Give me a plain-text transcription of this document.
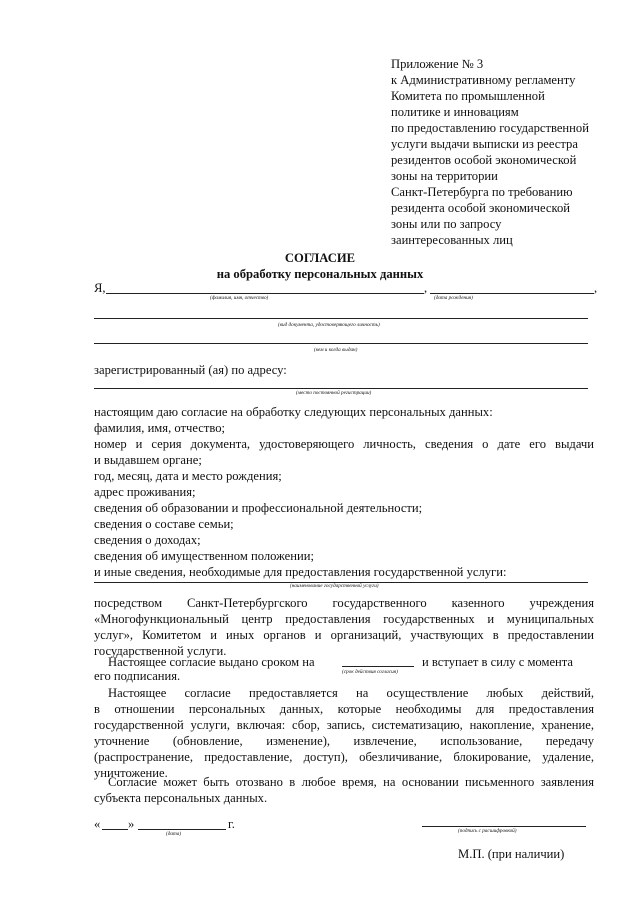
Приложение № 3
к Административному регламенту
Комитета по промышленной
политике и инновациям
по предоставлению государственной
услуги выдачи выписки из реестра
резидентов особой экономической
зоны на территории
Санкт-Петербурга по требованию
резидента особой экономической
зоны или по запросу
заинтересованных лиц
СОГЛАСИЕ
на обработку персональных данных
Я,	,	,
(фамилия, имя, отчество)	(дата рождения)
(вид документа, удостоверяющего личность)
(кем и когда выдан)
зарегистрированный (ая) по адресу:
(место постоянной регистрации)
настоящим даю согласие на обработку следующих персональных данных:
фамилия, имя, отчество;
номер и серия документа, удостоверяющего личность, сведения о дате его выдачи
и выдавшем органе;
год, месяц, дата и место рождения;
адрес проживания;
сведения об образовании и профессиональной деятельности;
сведения о составе семьи;
сведения о доходах;
сведения об имущественном положении;
и иные сведения, необходимые для предоставления государственной услуги:
(наименование государственной услуги)
посредством Санкт-Петербургского государственного казенного учреждения
«Многофункциональный центр предоставления государственных и муниципальных
услуг», Комитетом и иных органов и организаций, участвующих в предоставлении
государственной услуги.
Настоящее согласие выдано сроком на	и вступает в силу с момента
(срок действия согласия)
его подписания.
Настоящее согласие предоставляется на осуществление любых действий,
в отношении персональных данных, которые необходимы для предоставления
государственной услуги, включая: сбор, запись, систематизацию, накопление, хранение,
уточнение (обновление, изменение), извлечение, использование, передачу
(распространение, предоставление, доступ), обезличивание, блокирование, удаление,
уничтожение.
Согласие может быть отозвано в любое время, на основании письменного заявления
субъекта персональных данных.
« »	г.
(дата)	(подпись с расшифровкой)
М.П. (при наличии)
